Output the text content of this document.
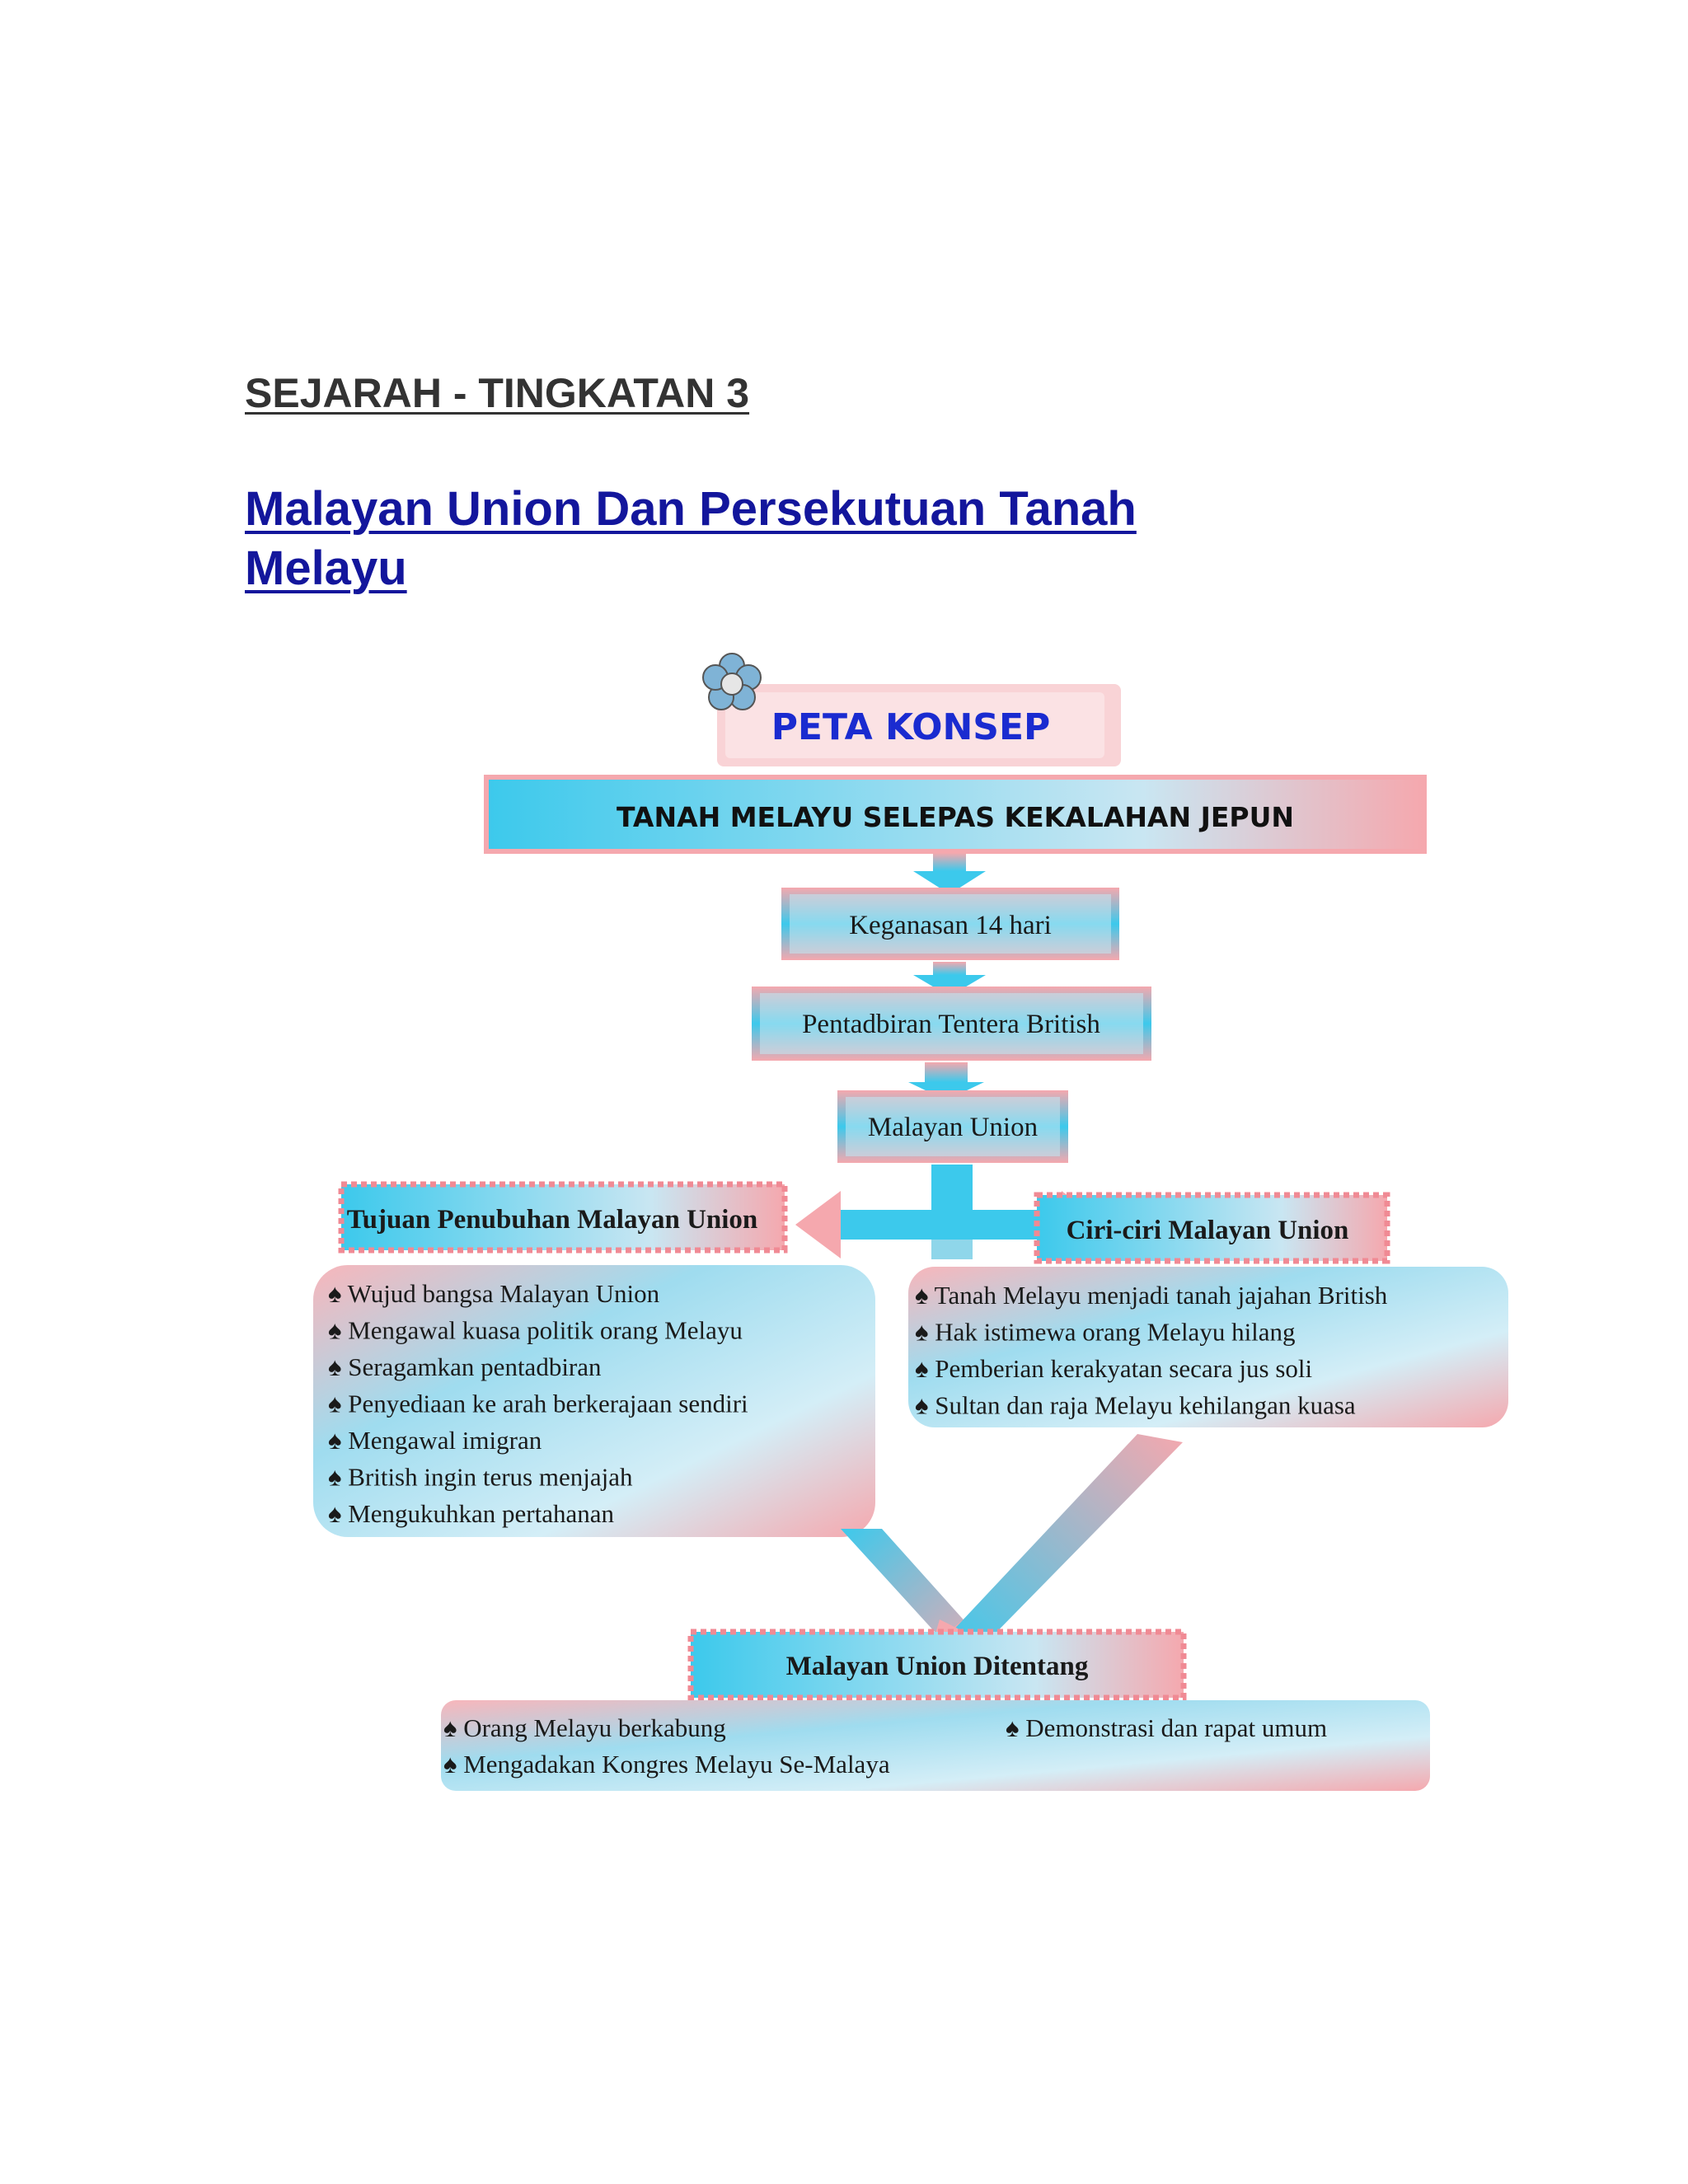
SEJARAH - TINGKATAN 3
Malayan Union Dan Persekutuan Tanah
Melayu
PETA KONSEP
TANAH MELAYU SELEPAS KEKALAHAN JEPUN
Keganasan 14 hari
Pentadbiran Tentera British
Malayan Union
Tujuan Penubuhan Malayan Union	Ciri-ciri Malayan Union
♠ Wujud bangsa Malayan Union
♠ Mengawal kuasa politik orang Melayu
♠ Seragamkan pentadbiran
♠ Penyediaan ke arah berkerajaan sendiri
♠ Mengawal imigran
♠ British ingin terus menjajah
♠ Mengukuhkan pertahanan
♠ Tanah Melayu menjadi tanah jajahan British
♠ Hak istimewa orang Melayu hilang
♠ Pemberian kerakyatan secara jus soli
♠ Sultan dan raja Melayu kehilangan kuasa
Malayan Union Ditentang
♠ Orang Melayu berkabung	♠ Demonstrasi dan rapat umum
♠ Mengadakan Kongres Melayu Se-Malaya
